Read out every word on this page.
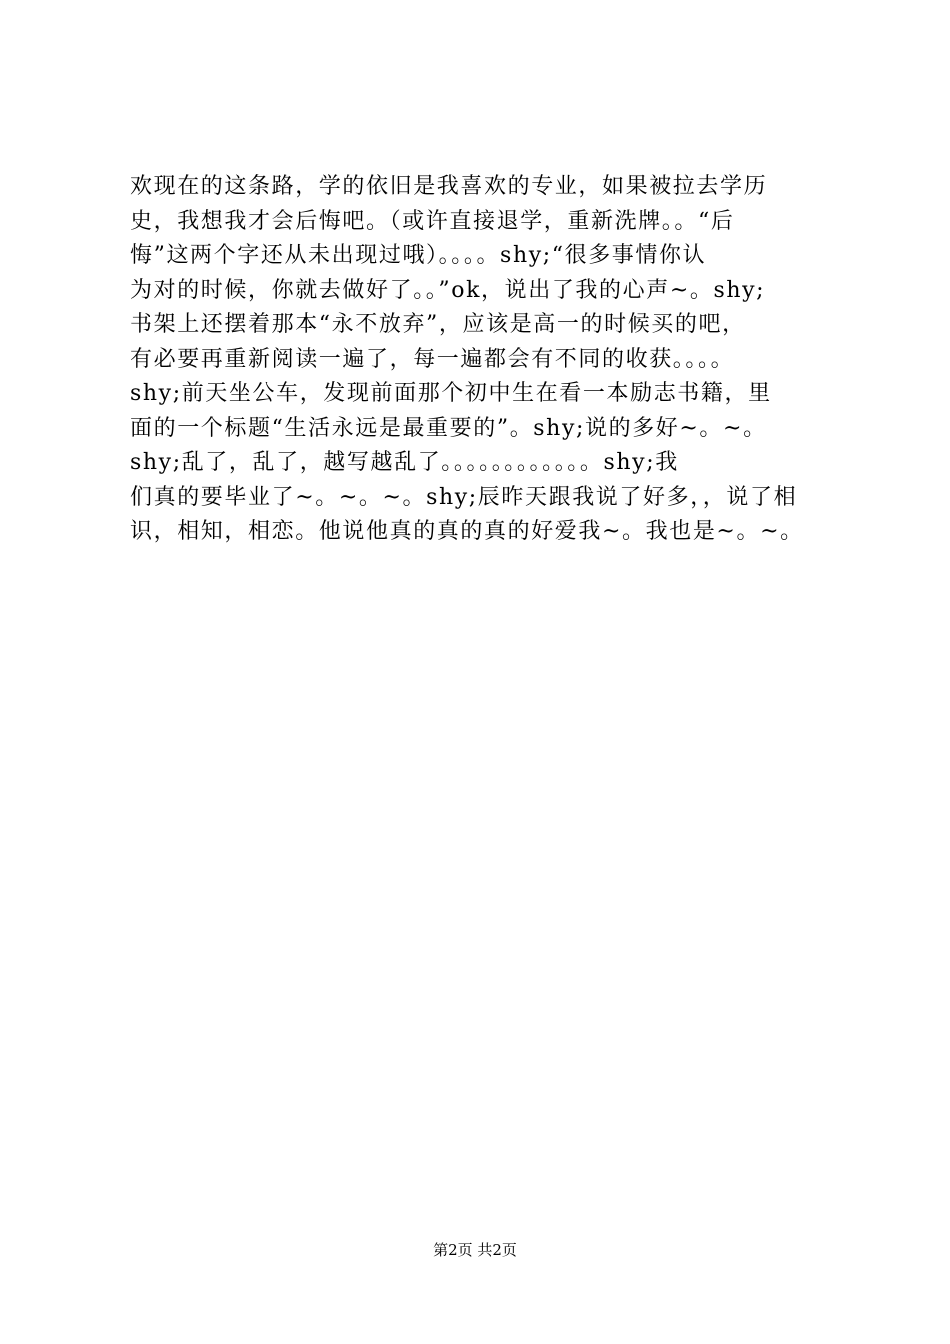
欢现在的这条路，学的依旧是我喜欢的专业，如果被拉去学历
史，我想我才会后悔吧。（或许直接退学，重新洗牌。。“后
悔”这两个字还从未出现过哦）。。。。shy;“很多事情你认
为对的时候，你就去做好了。。”ok，说出了我的心声~。shy;
书架上还摆着那本“永不放弃”，应该是高一的时候买的吧，
有必要再重新阅读一遍了，每一遍都会有不同的收获。。。。
shy;前天坐公车，发现前面那个初中生在看一本励志书籍，里
面的一个标题“生活永远是最重要的”。shy;说的多好~。~。
shy;乱了，乱了，越写越乱了。。。。。。。。。。。。shy;我
们真的要毕业了~。~。~。shy;辰昨天跟我说了好多，，说了相
识，相知，相恋。他说他真的真的真的好爱我~。我也是~。~。
第2页 共2页
